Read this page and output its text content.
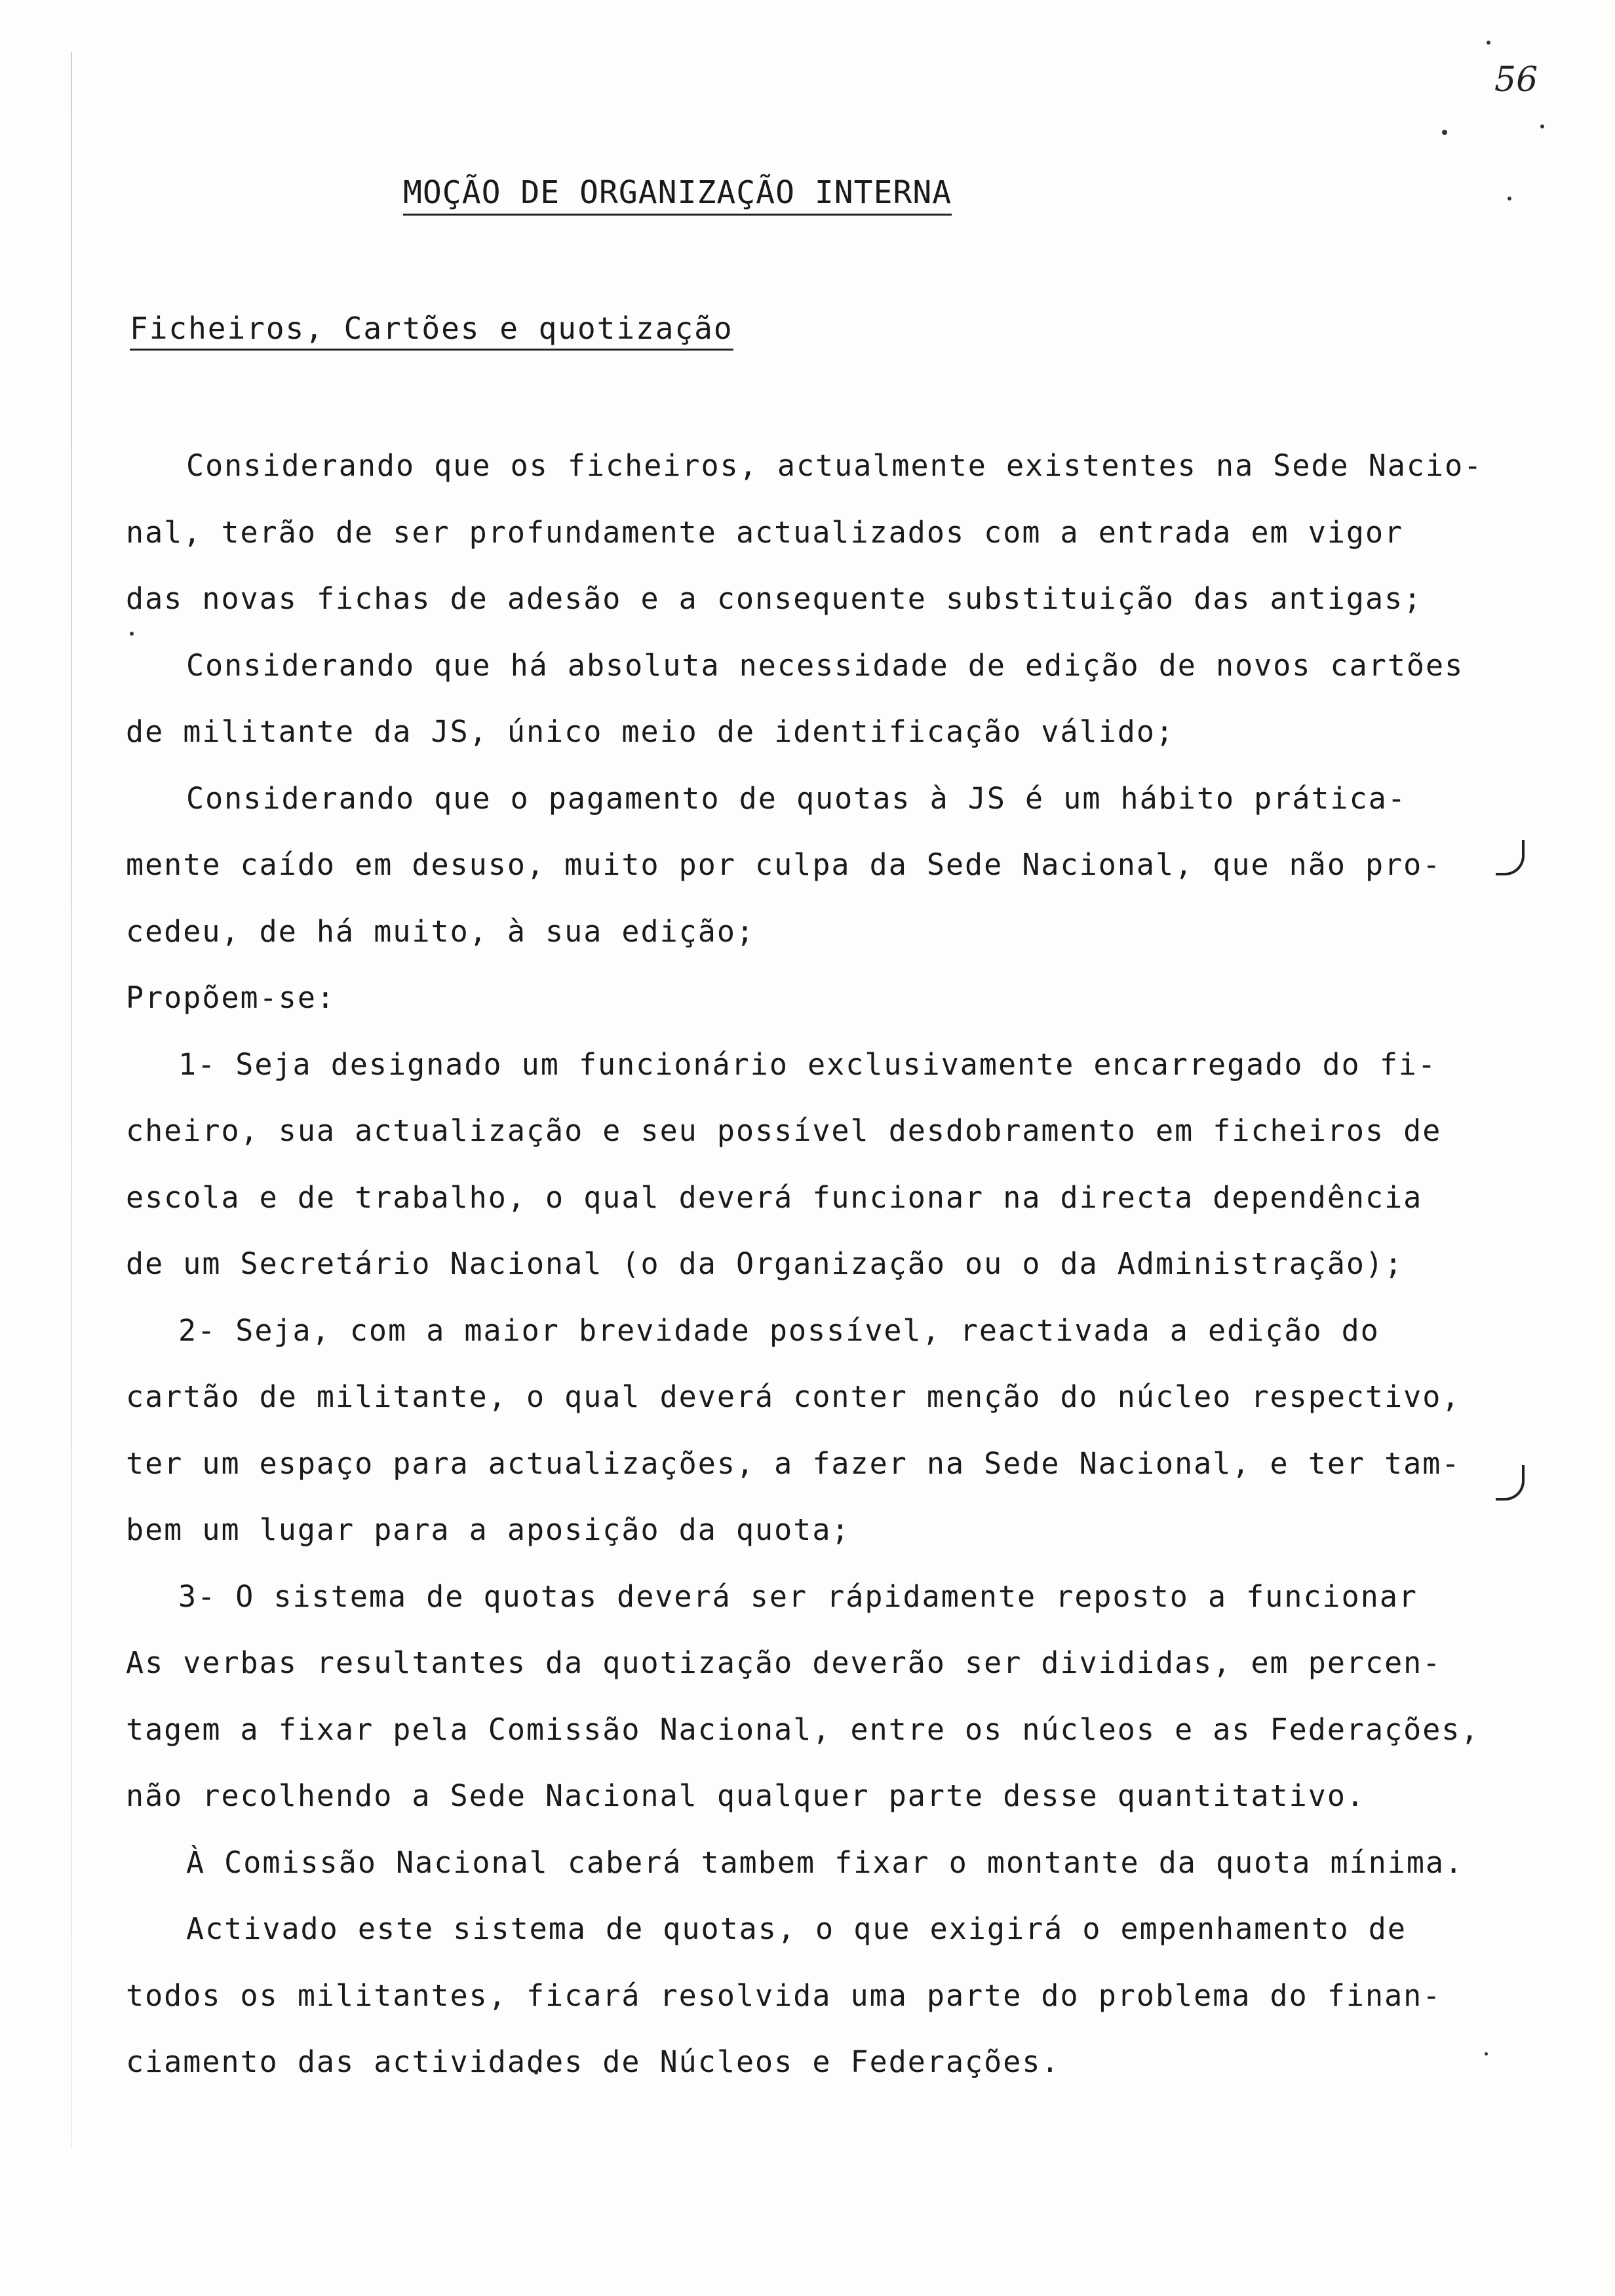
56
MOÇÃO DE ORGANIZAÇÃO INTERNA
Ficheiros, Cartões e quotização
Considerando que os ficheiros, actualmente existentes na Sede Nacio-
nal, terão de ser profundamente actualizados com a entrada em vigor
das novas fichas de adesão e a consequente substituição das antigas;
Considerando que há absoluta necessidade de edição de novos cartões
de militante da JS, único meio de identificação válido;
Considerando que o pagamento de quotas à JS é um hábito prática-
mente caído em desuso, muito por culpa da Sede Nacional, que não pro-
cedeu, de há muito, à sua edição;
Propõem-se:
1- Seja designado um funcionário exclusivamente encarregado do fi-
cheiro, sua actualização e seu possível desdobramento em ficheiros de
escola e de trabalho, o qual deverá funcionar na directa dependência
de um Secretário Nacional (o da Organização ou o da Administração);
2- Seja, com a maior brevidade possível, reactivada a edição do
cartão de militante, o qual deverá conter menção do núcleo respectivo,
ter um espaço para actualizações, a fazer na Sede Nacional, e ter tam-
bem um lugar para a aposição da quota;
3- O sistema de quotas deverá ser rápidamente reposto a funcionar
As verbas resultantes da quotização deverão ser divididas, em percen-
tagem a fixar pela Comissão Nacional, entre os núcleos e as Federações,
não recolhendo a Sede Nacional qualquer parte desse quantitativo.
À Comissão Nacional caberá tambem fixar o montante da quota mínima.
Activado este sistema de quotas, o que exigirá o empenhamento de
todos os militantes, ficará resolvida uma parte do problema do finan-
ciamento das actividades de Núcleos e Federações.
